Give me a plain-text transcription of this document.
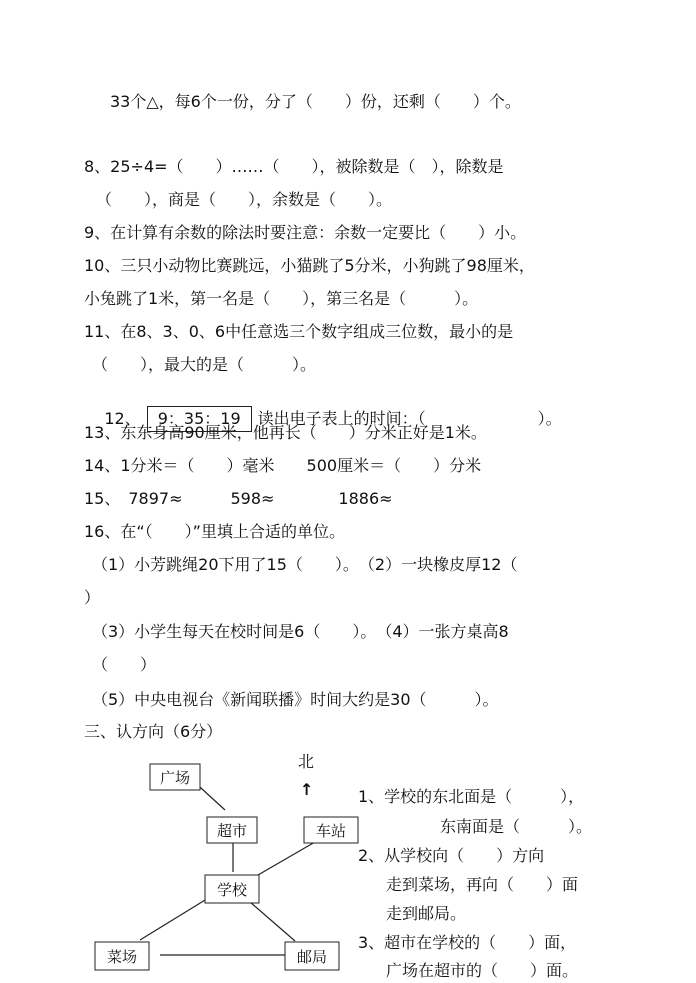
33个△，每6个一份，分了（　　）份，还剩（　　）个。
8、25÷4=（　　）……（　　），被除数是（　），除数是
（　　），商是（　　），余数是（　　）。
9、在计算有余数的除法时要注意：余数一定要比（　　）小。
10、三只小动物比赛跳远，小猫跳了5分米，小狗跳了98厘米，
小兔跳了1米，第一名是（　　），第三名是（　　　）。
11、在8、3、0、6中任意选三个数字组成三位数，最小的是
（　　），最大的是（　　　）。

12、 9：35：19 读出电子表上的时间：（　　　　　　　）。

13、东东身高90厘米，他再长（　　）分米正好是1米。
14、1分米＝（　　）毫米　　500厘米＝（　　）分米
15、　7897≈　　　598≈　　　　1886≈
16、在“（　　）”里填上合适的单位。
（1）小芳跳绳20下用了15（　　）。　（2）一块橡皮厚12（
）
（3）小学生每天在校时间是6（　　）。　（4）一张方桌高8
（　　）
（5）中央电视台《新闻联播》时间大约是30（　　　）。
三、认方向（6分）
广场
超市	车站
学校
菜场	邮局
北
↑	1、学校的东北面是（　　　），
东南面是（　　　）。
2、从学校向（　　）方向
走到菜场，再向（　　）面
走到邮局。
3、超市在学校的（　　）面，
广场在超市的（　　）面。
